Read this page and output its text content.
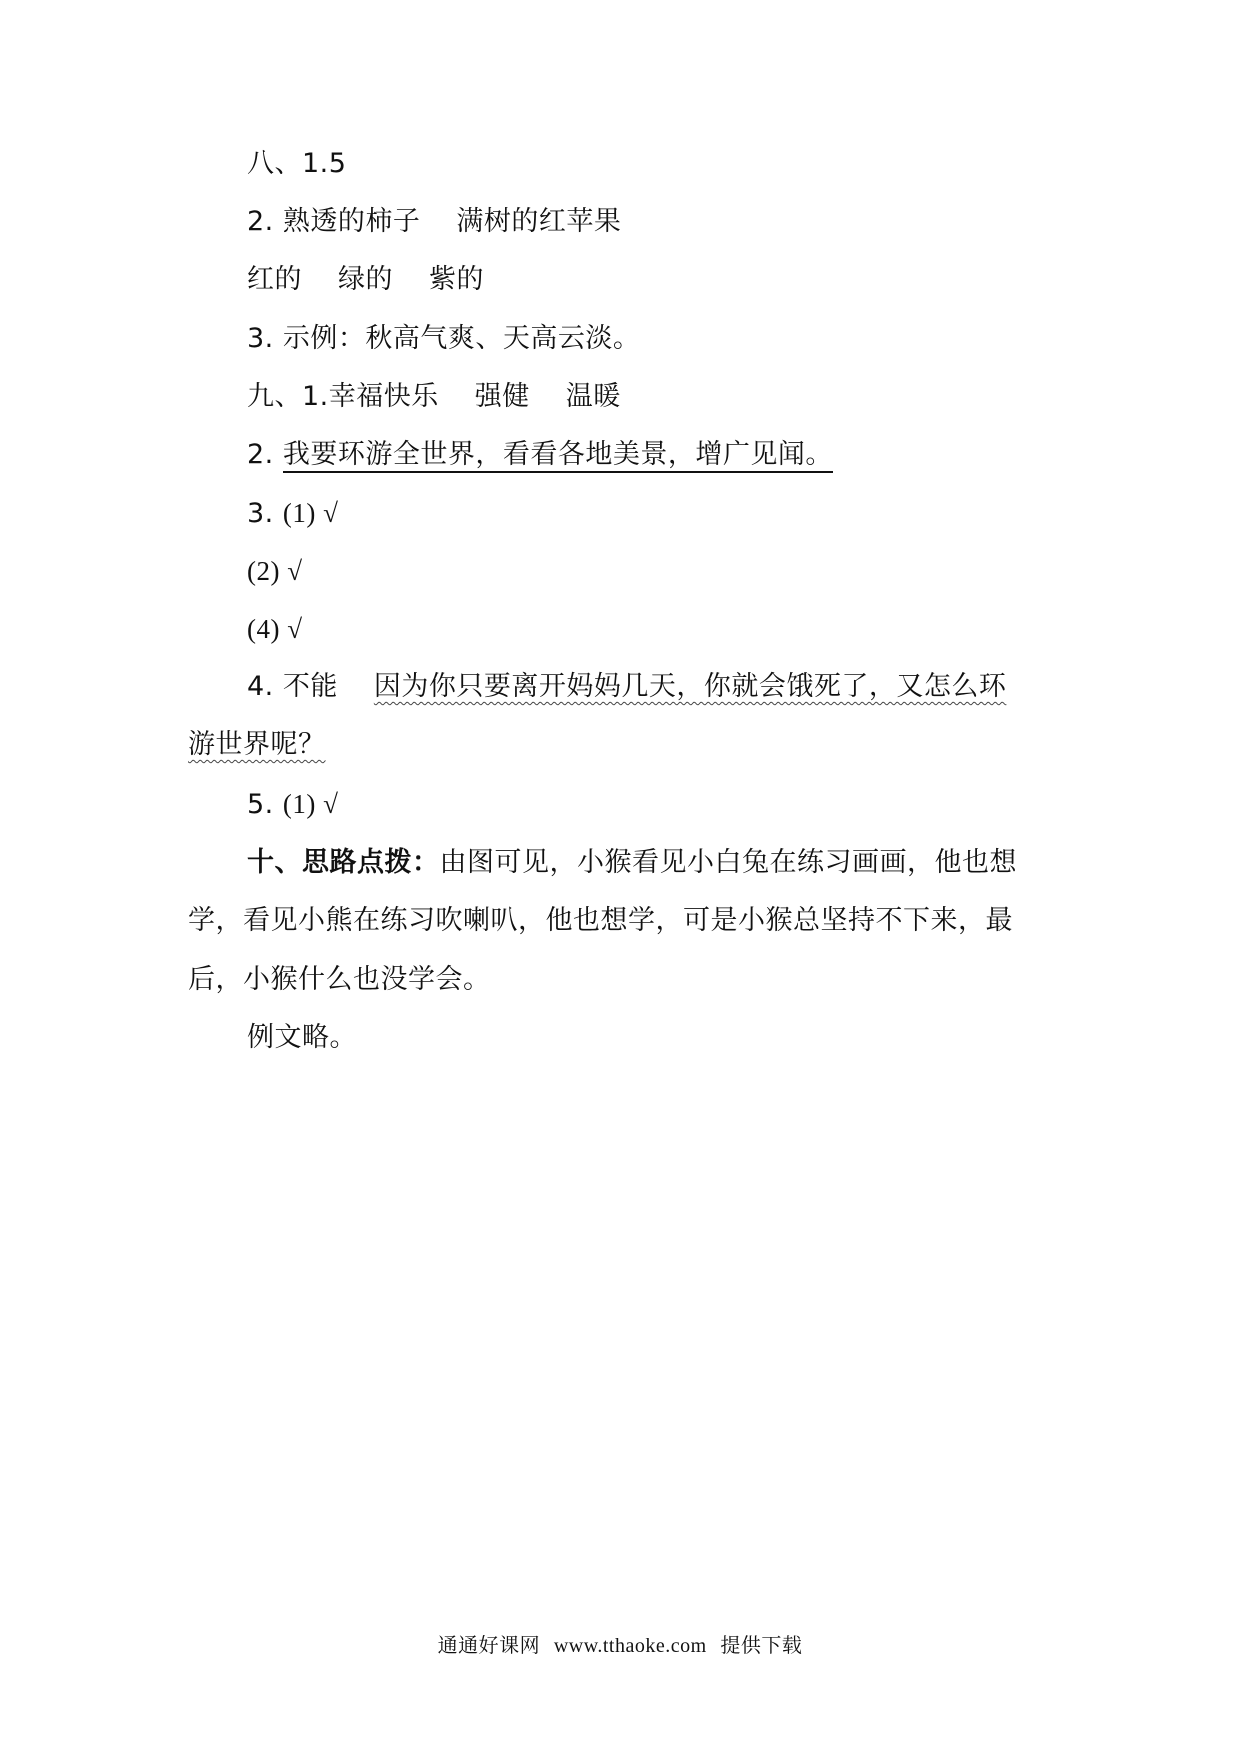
八、1.5
2. 熟透的柿子 满树的红苹果
红的 绿的 紫的
3. 示例：秋高气爽、天高云淡。
九、1.幸福快乐 强健 温暖
2. 我要环游全世界，看看各地美景，增广见闻。
3. (1) √
(2) √
(4) √
4. 不能 因为你只要离开妈妈几天，你就会饿死了，又怎么环
游世界呢？
5. (1) √
十、思路点拨：由图可见，小猴看见小白兔在练习画画，他也想
学，看见小熊在练习吹喇叭，他也想学，可是小猴总坚持不下来，最
后，小猴什么也没学会。
例文略。
通通好课网 www.tthaoke.com 提供下载
